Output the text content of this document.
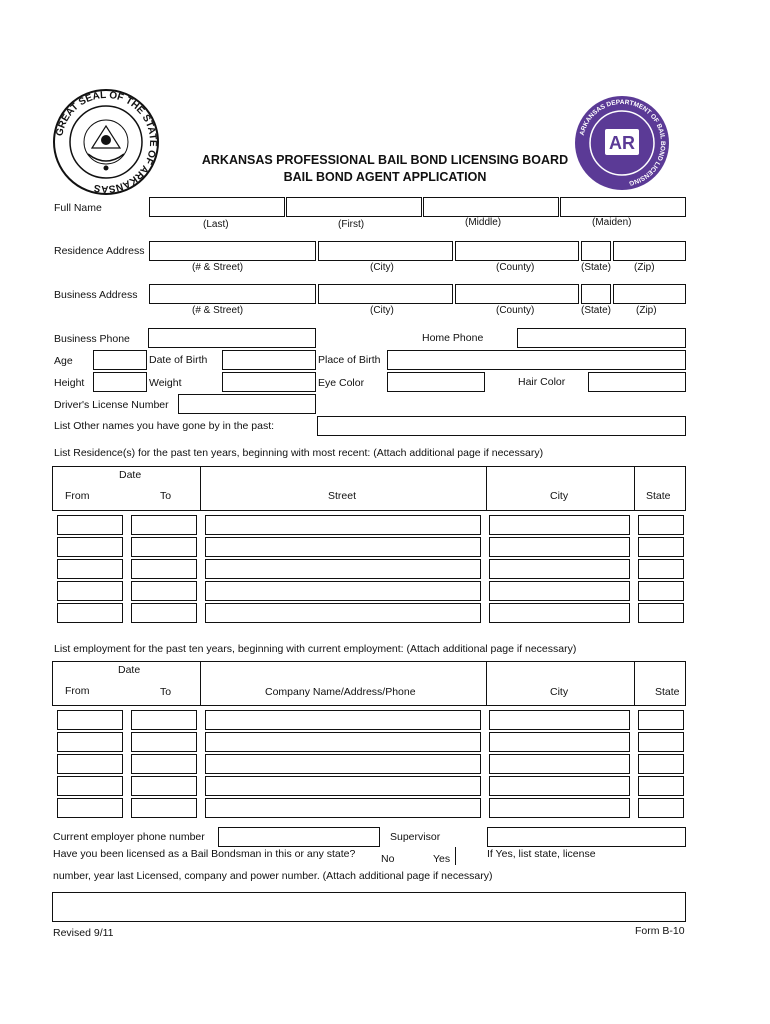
GREAT SEAL OF THE STATE OF ARKANSAS
ARKANSAS DEPARTMENT OF BAIL BOND LICENSING
AR
ARKANSAS PROFESSIONAL BAIL BOND LICENSING BOARD
BAIL BOND AGENT APPLICATION
Full Name
(Last)	(First)	(Middle)	(Maiden)
Residence Address
(# & Street)	(City)	(County)	(State) (Zip)
Business Address
(# & Street)	(City)	(County)	(State) (Zip)
Business Phone	Home Phone
Age	Date of Birth	Place of Birth
Height	Weight	Eye Color	Hair Color
Driver's License Number
List Other names you have gone by in the past:
List Residence(s) for the past ten years, beginning with most recent: (Attach additional page if necessary)
Date
From	To	Street	City	State
List employment for the past ten years, beginning with current employment: (Attach additional page if necessary)
Date
From	To	Company Name/Address/Phone	City	State
Current employer phone number	Supervisor
Have you been licensed as a Bail Bondsman in this or any state? No	Yes	If Yes, list state, license
number, year last Licensed, company and power number. (Attach additional page if necessary)
Revised 9/11	Form B-10
